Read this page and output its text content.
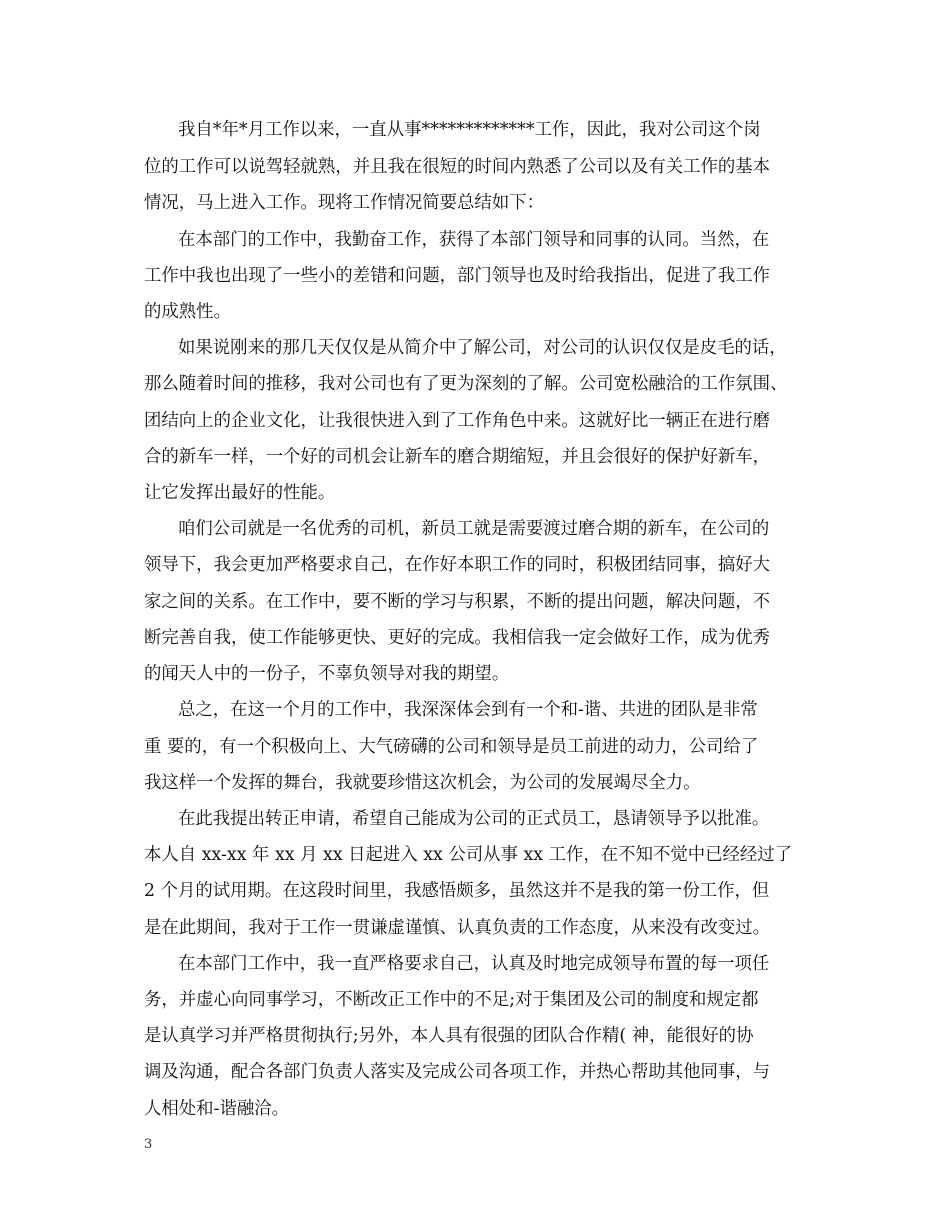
我自*年*月工作以来，一直从事*************工作，因此，我对公司这个岗
位的工作可以说驾轻就熟，并且我在很短的时间内熟悉了公司以及有关工作的基本
情况，马上进入工作。现将工作情况简要总结如下：
在本部门的工作中，我勤奋工作，获得了本部门领导和同事的认同。当然，在
工作中我也出现了一些小的差错和问题，部门领导也及时给我指出，促进了我工作
的成熟性。
如果说刚来的那几天仅仅是从简介中了解公司，对公司的认识仅仅是皮毛的话，
那么随着时间的推移，我对公司也有了更为深刻的了解。公司宽松融洽的工作氛围、
团结向上的企业文化，让我很快进入到了工作角色中来。这就好比一辆正在进行磨
合的新车一样，一个好的司机会让新车的磨合期缩短，并且会很好的保护好新车，
让它发挥出最好的性能。
咱们公司就是一名优秀的司机，新员工就是需要渡过磨合期的新车，在公司的
领导下，我会更加严格要求自己，在作好本职工作的同时，积极团结同事，搞好大
家之间的关系。在工作中，要不断的学习与积累，不断的提出问题，解决问题，不
断完善自我，使工作能够更快、更好的完成。我相信我一定会做好工作，成为优秀
的闻天人中的一份子，不辜负领导对我的期望。
总之，在这一个月的工作中，我深深体会到有一个和-谐、共进的团队是非常
重 要的，有一个积极向上、大气磅礴的公司和领导是员工前进的动力，公司给了
我这样一个发挥的舞台，我就要珍惜这次机会，为公司的发展竭尽全力。
在此我提出转正申请，希望自己能成为公司的正式员工，恳请领导予以批准。
本人自 xx-xx 年 xx 月 xx 日起进入 xx 公司从事 xx 工作，在不知不觉中已经经过了
2 个月的试用期。在这段时间里，我感悟颇多，虽然这并不是我的第一份工作，但
是在此期间，我对于工作一贯谦虚谨慎、认真负责的工作态度，从来没有改变过。
在本部门工作中，我一直严格要求自己，认真及时地完成领导布置的每一项任
务，并虚心向同事学习，不断改正工作中的不足;对于集团及公司的制度和规定都
是认真学习并严格贯彻执行;另外，本人具有很强的团队合作精( 神，能很好的协
调及沟通，配合各部门负责人落实及完成公司各项工作，并热心帮助其他同事，与
人相处和-谐融洽。
3
